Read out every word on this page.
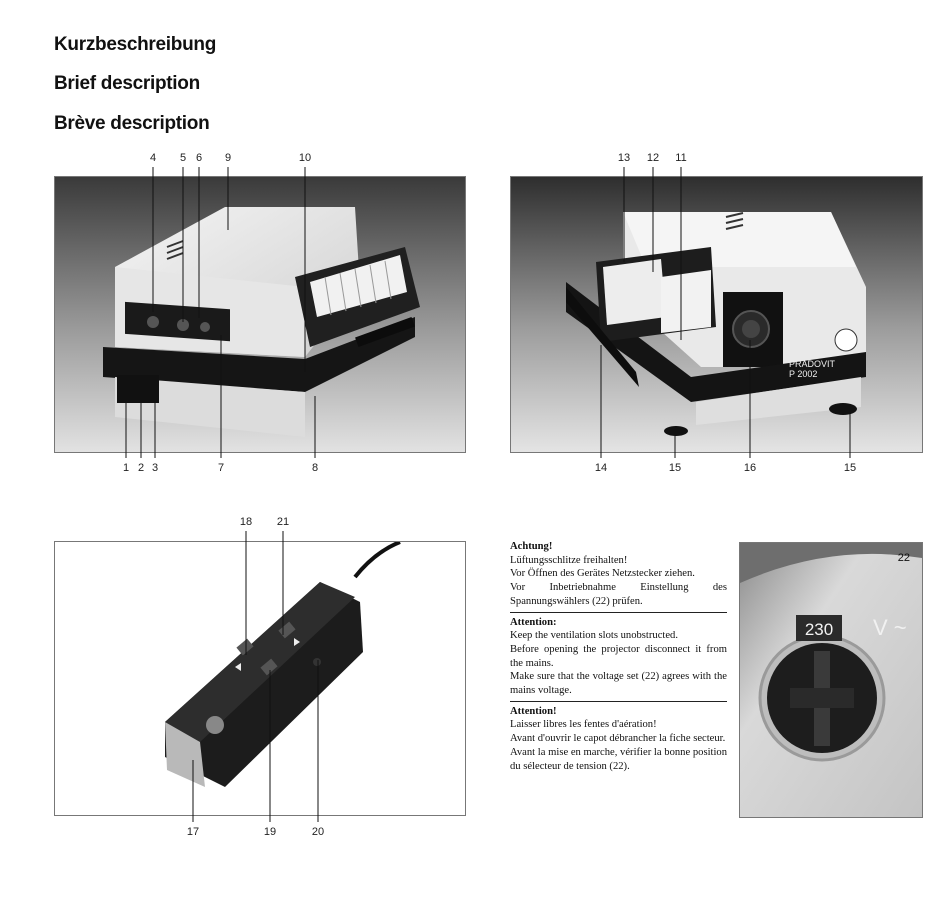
Kurzbeschreibung
Brief description
Brève description
4 5 6 9	10
1 2 3	7	8
13 12 11
PRADOVIT
P 2002
14	15	16	15
18 21
17	19	20
Achtung!

Lüftungsschlitze freihalten!

Vor Öffnen des Gerätes Netzstecker ziehen.

Vor Inbetriebnahme Einstellung des Spannungswählers (22) prüfen.

Attention:

Keep the ventilation slots unobstructed.

Before opening the projector disconnect it from the mains.

Make sure that the voltage set (22) agrees with the mains voltage.

Attention!

Laisser libres les fentes d'aération!

Avant d'ouvrir le capot débrancher la fiche secteur.

Avant la mise en marche, vérifier la bonne position du sélecteur de tension (22).

230 V ~
22
